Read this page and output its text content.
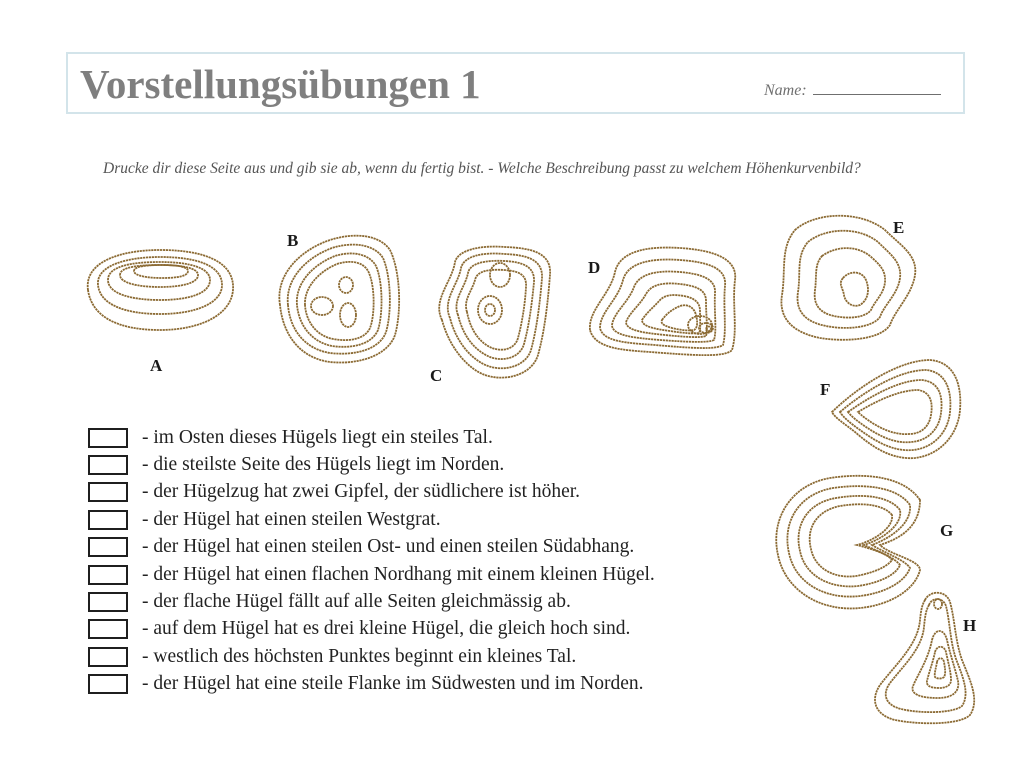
Vorstellungsübungen 1	Name:
Drucke dir diese Seite aus und gib sie ab, wenn du fertig bist. - Welche Beschreibung passt zu welchem Höhenkurvenbild?
A
B
C
D
E
F
G
H
- im Osten dieses Hügels liegt ein steiles Tal.
- die steilste Seite des Hügels liegt im Norden.
- der Hügelzug hat zwei Gipfel, der südlichere ist höher.
- der Hügel hat einen steilen Westgrat.
- der Hügel hat einen steilen Ost- und einen steilen Südabhang.
- der Hügel hat einen flachen Nordhang mit einem kleinen Hügel.
- der flache Hügel fällt auf alle Seiten gleichmässig ab.
- auf dem Hügel hat es drei kleine Hügel, die gleich hoch sind.
- westlich des höchsten Punktes beginnt ein kleines Tal.
- der Hügel hat eine steile Flanke im Südwesten und im Norden.
